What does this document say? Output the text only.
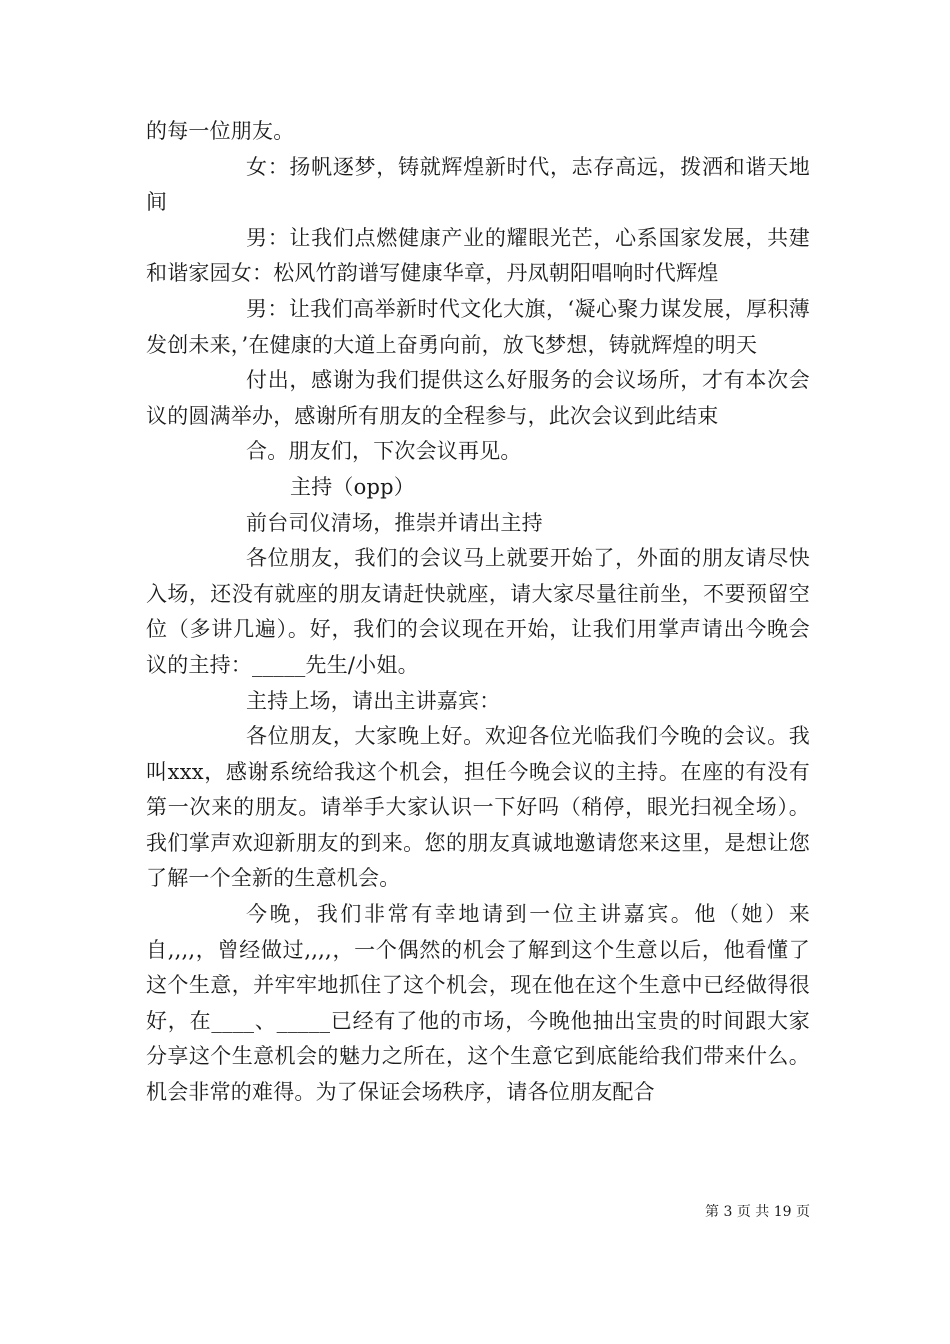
的每一位朋友。

女：扬帆逐梦，铸就辉煌新时代，志存高远，拨洒和谐天地间

男：让我们点燃健康产业的耀眼光芒，心系国家发展，共建和谐家园女：松风竹韵谱写健康华章，丹凤朝阳唱响时代辉煌

男：让我们高举新时代文化大旗，‘凝心聚力谋发展，厚积薄发创未来，’在健康的大道上奋勇向前，放飞梦想，铸就辉煌的明天

付出，感谢为我们提供这么好服务的会议场所，才有本次会议的圆满举办，感谢所有朋友的全程参与，此次会议到此结束

合。朋友们，下次会议再见。

主持（opp）

前台司仪清场，推崇并请出主持

各位朋友，我们的会议马上就要开始了，外面的朋友请尽快入场，还没有就座的朋友请赶快就座，请大家尽量往前坐，不要预留空位（多讲几遍）。好，我们的会议现在开始，让我们用掌声请出今晚会议的主持：_____先生/小姐。

主持上场，请出主讲嘉宾：

各位朋友，大家晚上好。欢迎各位光临我们今晚的会议。我叫xxx，感谢系统给我这个机会，担任今晚会议的主持。在座的有没有第一次来的朋友。请举手大家认识一下好吗（稍停，眼光扫视全场）。我们掌声欢迎新朋友的到来。您的朋友真诚地邀请您来这里，是想让您了解一个全新的生意机会。

今晚，我们非常有幸地请到一位主讲嘉宾。他（她）来自,,,,，曾经做过,,,,，一个偶然的机会了解到这个生意以后，他看懂了这个生意，并牢牢地抓住了这个机会，现在他在这个生意中已经做得很好，在____、_____已经有了他的市场，今晚他抽出宝贵的时间跟大家分享这个生意机会的魅力之所在，这个生意它到底能给我们带来什么。机会非常的难得。为了保证会场秩序，请各位朋友配合

第 3 页 共 19 页
